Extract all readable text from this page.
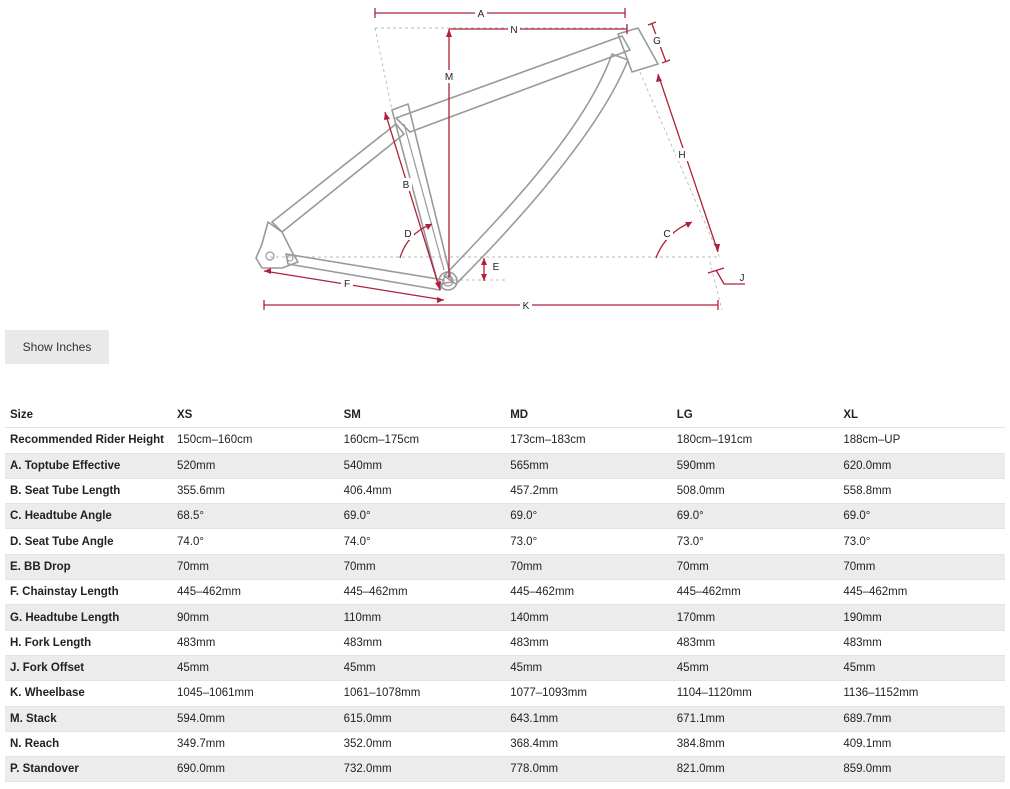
A
N
G
M
H
B
D	C
E
J
F
K
Show Inches
Size	XS	SM	MD	LG	XL
Recommended Rider Height	150cm–160cm	160cm–175cm	173cm–183cm	180cm–191cm	188cm–UP
A. Toptube Effective	520mm	540mm	565mm	590mm	620.0mm
B. Seat Tube Length	355.6mm	406.4mm	457.2mm	508.0mm	558.8mm
C. Headtube Angle	68.5°	69.0°	69.0°	69.0°	69.0°
D. Seat Tube Angle	74.0°	74.0°	73.0°	73.0°	73.0°
E. BB Drop	70mm	70mm	70mm	70mm	70mm
F. Chainstay Length	445–462mm	445–462mm	445–462mm	445–462mm	445–462mm
G. Headtube Length	90mm	110mm	140mm	170mm	190mm
H. Fork Length	483mm	483mm	483mm	483mm	483mm
J. Fork Offset	45mm	45mm	45mm	45mm	45mm
K. Wheelbase	1045–1061mm	1061–1078mm	1077–1093mm	1104–1120mm	1136–1152mm
M. Stack	594.0mm	615.0mm	643.1mm	671.1mm	689.7mm
N. Reach	349.7mm	352.0mm	368.4mm	384.8mm	409.1mm
P. Standover	690.0mm	732.0mm	778.0mm	821.0mm	859.0mm
